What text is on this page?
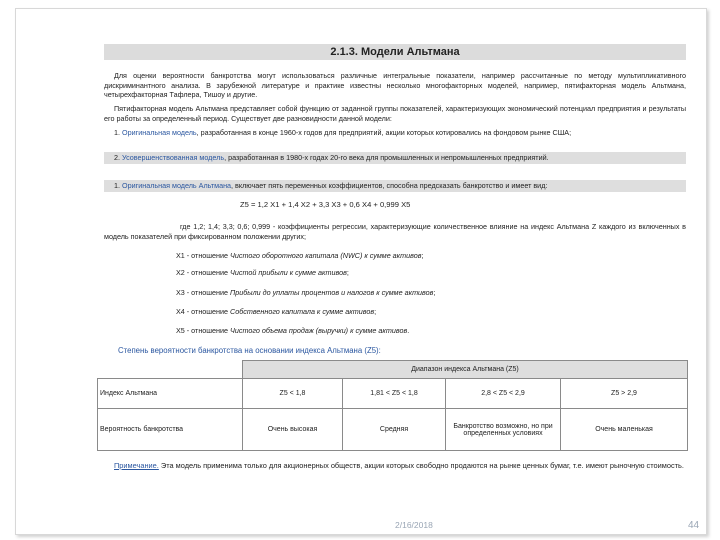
2.1.3. Модели Альтмана
Для оценки вероятности банкротства могут использоваться различные интегральные показатели, например рассчитанные по методу мультипликативного дискриминантного анализа. В зарубежной литературе и практике известны несколько многофакторных моделей, например, пятифакторная модель Альтмана, четырехфакторная Тафлера, Тишоу и другие.
Пятифакторная модель Альтмана представляет собой функцию от заданной группы показателей, характеризующих экономический потенциал предприятия и результаты его работы за определенный период. Существует две разновидности данной модели:
1. Оригинальная модель, разработанная в конце 1960-х годов для предприятий, акции которых котировались на фондовом рынке США;
2. Усовершенствованная модель, разработанная в 1980-х годах 20-го века для промышленных и непромышленных предприятий.
1. Оригинальная модель Альтмана, включает пять переменных коэффициентов, способна предсказать банкротство и имеет вид:
Z5 = 1,2 X1 + 1,4 X2 + 3,3 X3 + 0,6 X4 + 0,999 X5
где 1,2; 1,4; 3,3; 0,6; 0,999 - коэффициенты регрессии, характеризующие количественное влияние на индекс Альтмана Z каждого из включенных в модель показателей при фиксированном положении других;
X1 - отношение Чистого оборотного капитала (NWC) к сумме активов;
X2 - отношение Чистой прибыли к сумме активов;
X3 - отношение Прибыли до уплаты процентов и налогов к сумме активов;
X4 - отношение Собственного капитала к сумме активов;
X5 - отношение Чистого объема продаж (выручки) к сумме активов.
Степень вероятности банкротства на основании индекса Альтмана (Z5):
	Диапазон индекса Альтмана (Z5)			
Индекс Альтмана	Z5 < 1,8	1,81 < Z5 < 1,8	2,8 < Z5 < 2,9	Z5 > 2,9
Вероятность банкротства	Очень высокая	Средняя	Банкротство возможно, но при определенных условиях	Очень маленькая
Примечание. Эта модель применима только для акционерных обществ, акции которых свободно продаются на рынке ценных бумаг, т.е. имеют рыночную стоимость.
2/16/2018	44
